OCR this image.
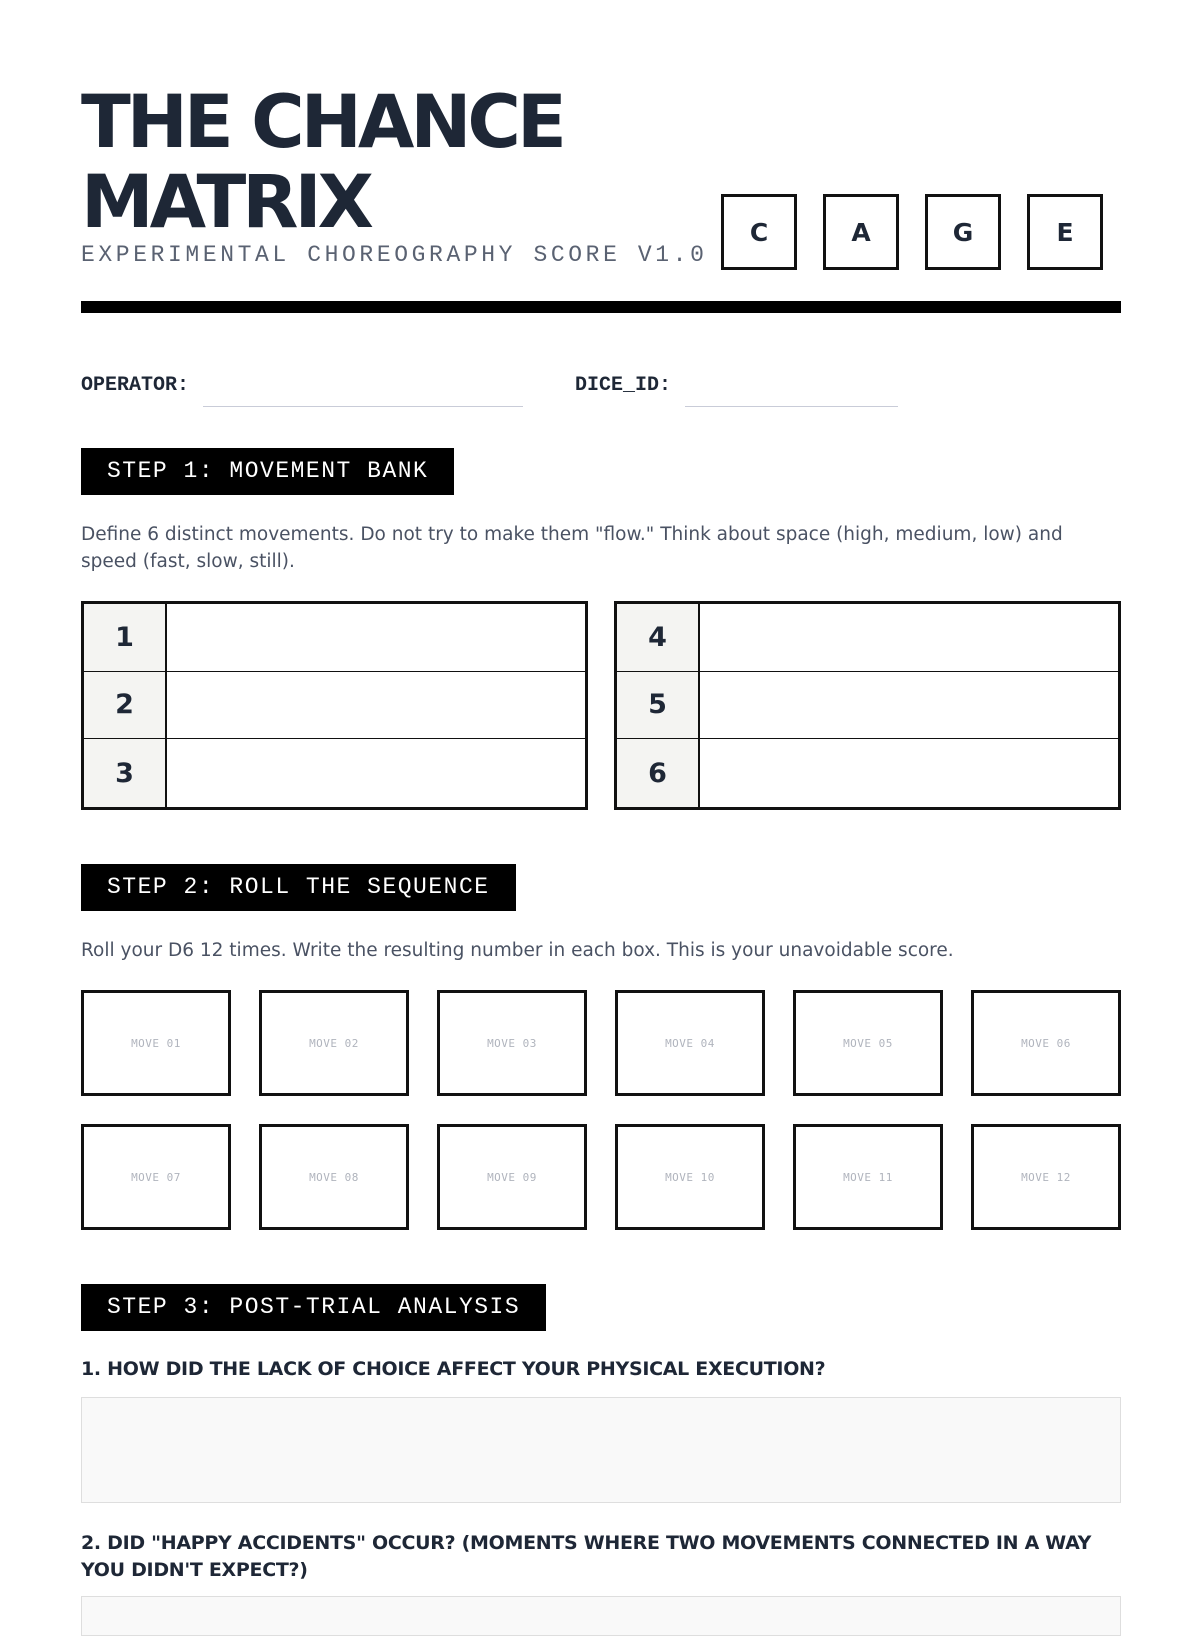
THE CHANCE
MATRIX
EXPERIMENTAL CHOREOGRAPHY SCORE V1.0
C	A	G	E
OPERATOR:	DICE_ID:
STEP 1: MOVEMENT BANK
Define 6 distinct movements. Do not try to make them "flow." Think about space (high, medium, low) and speed (fast, slow, still).
1
2
3
4
5
6
STEP 2: ROLL THE SEQUENCE
Roll your D6 12 times. Write the resulting number in each box. This is your unavoidable score.
MOVE 01	MOVE 02	MOVE 03	MOVE 04	MOVE 05	MOVE 06
MOVE 07	MOVE 08	MOVE 09	MOVE 10	MOVE 11	MOVE 12
STEP 3: POST-TRIAL ANALYSIS
1. HOW DID THE LACK OF CHOICE AFFECT YOUR PHYSICAL EXECUTION?
2. DID "HAPPY ACCIDENTS" OCCUR? (MOMENTS WHERE TWO MOVEMENTS CONNECTED IN A WAY YOU DIDN'T EXPECT?)
